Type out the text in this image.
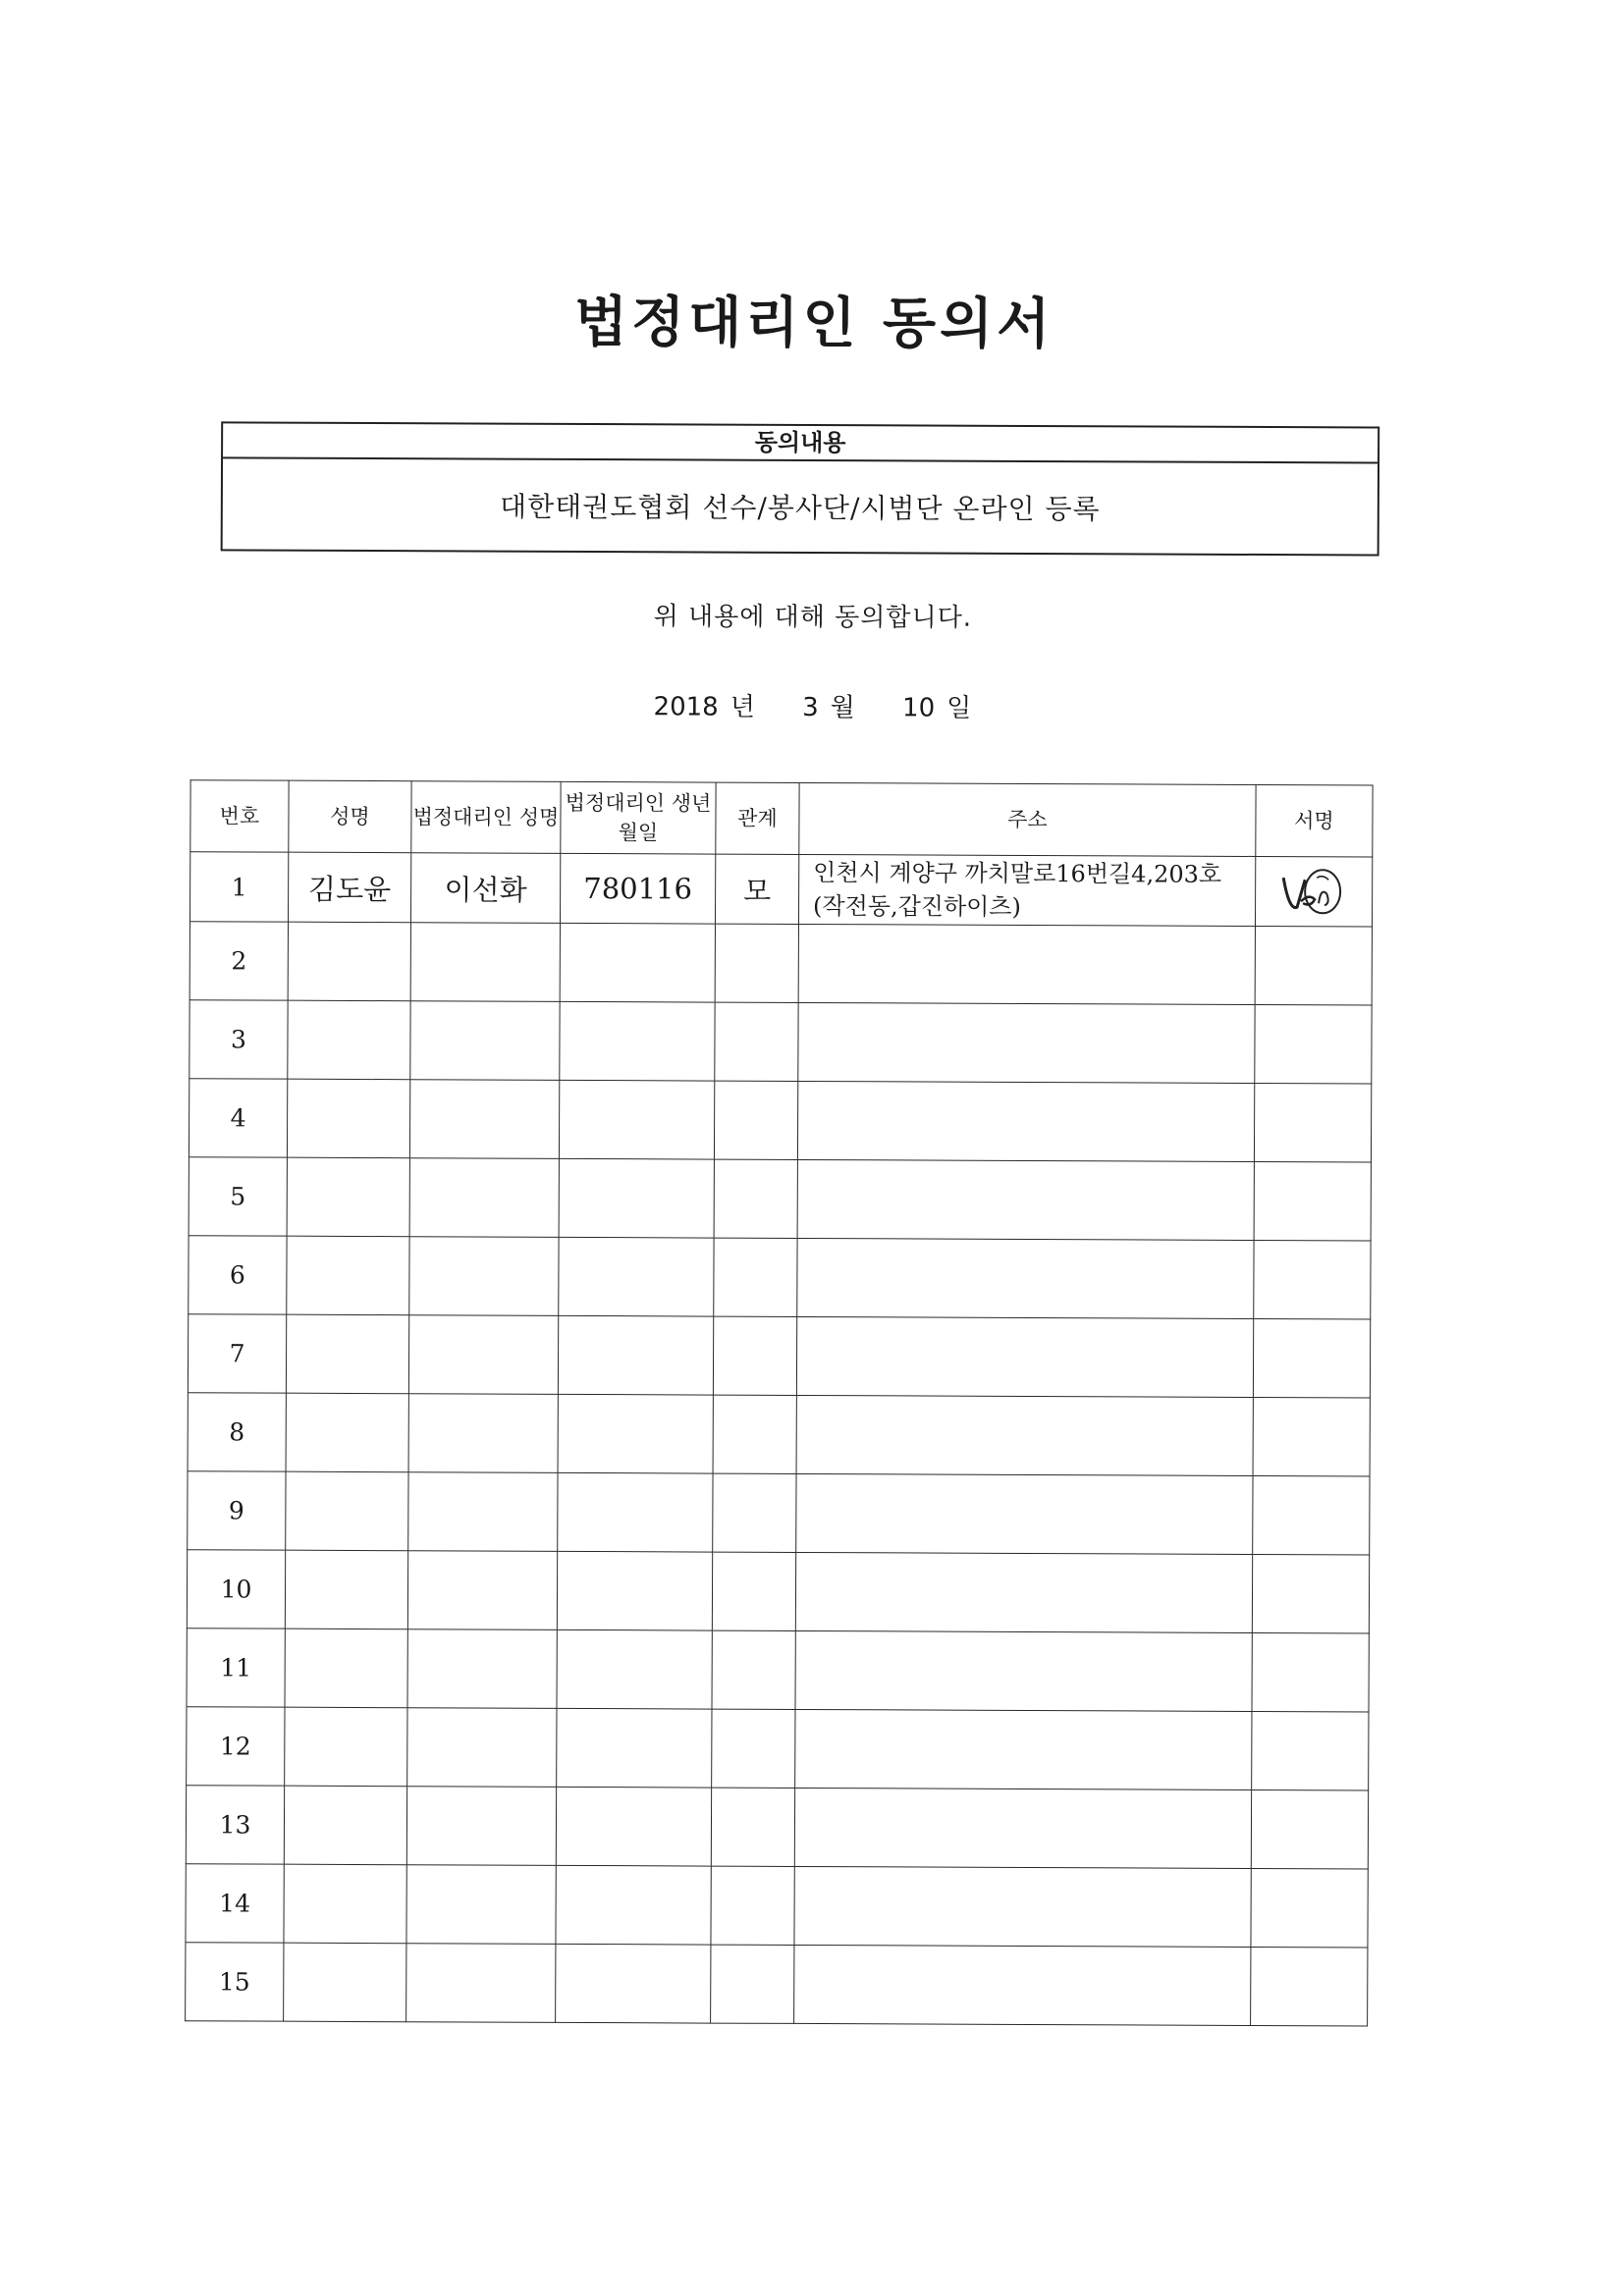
법정대리인 동의서
동의내용
대한태권도협회 선수/봉사단/시범단 온라인 등록
위 내용에 대해 동의합니다.
2018 년 3 월 10 일
번호	성명	법정대리인 성명	법정대리인 생년월일	관계	주소	서명
1	김도윤	이선화	780116	모	인천시 계양구 까치말로16번길4,203호
(작전동,갑진하이츠)

2						
3						
4						
5						
6						
7						
8						
9						
10						
11						
12						
13						
14						
15						
